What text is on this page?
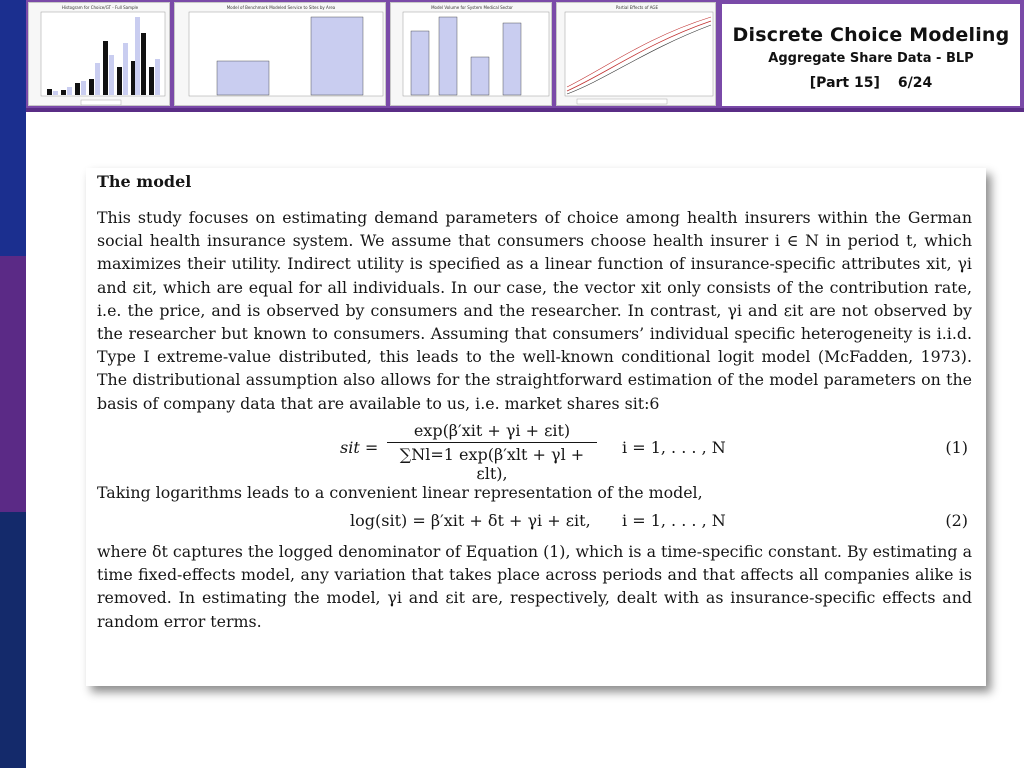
Histogram for Choice/GT - Full Sample	Model of Benchmark Modeled Service to Sites by Area	Model Volume for System Medical Sector	Partial Effects of AGE
Discrete Choice Modeling
Aggregate Share Data - BLP
[Part 15] 6/24
The model

This study focuses on estimating demand parameters of choice among health insurers within the German social health insurance system. We assume that consumers choose health insurer i ∈ N in period t, which maximizes their utility. Indirect utility is specified as a linear function of insurance-specific attributes xit, γi and εit, which are equal for all individuals. In our case, the vector xit only consists of the contribution rate, i.e. the price, and is observed by consumers and the researcher. In contrast, γi and εit are not observed by the researcher but known to consumers. Assuming that consumers’ individual specific heterogeneity is i.i.d. Type I extreme-value distributed, this leads to the well-known conditional logit model (McFadden, 1973). The distributional assumption also allows for the straightforward estimation of the model parameters on the basis of company data that are available to us, i.e. market shares sit:6

sit =
exp(β′xit + γi + εit)
∑Nl=1 exp(β′xlt + γl + εlt),
i = 1, . . . , N	(1)

Taking logarithms leads to a convenient linear representation of the model,

log(sit) = β′xit + δt + γi + εit, i = 1, . . . , N	(2)

where δt captures the logged denominator of Equation (1), which is a time-specific constant. By estimating a time fixed-effects model, any variation that takes place across periods and that affects all companies alike is removed. In estimating the model, γi and εit are, respectively, dealt with as insurance-specific effects and random error terms.
